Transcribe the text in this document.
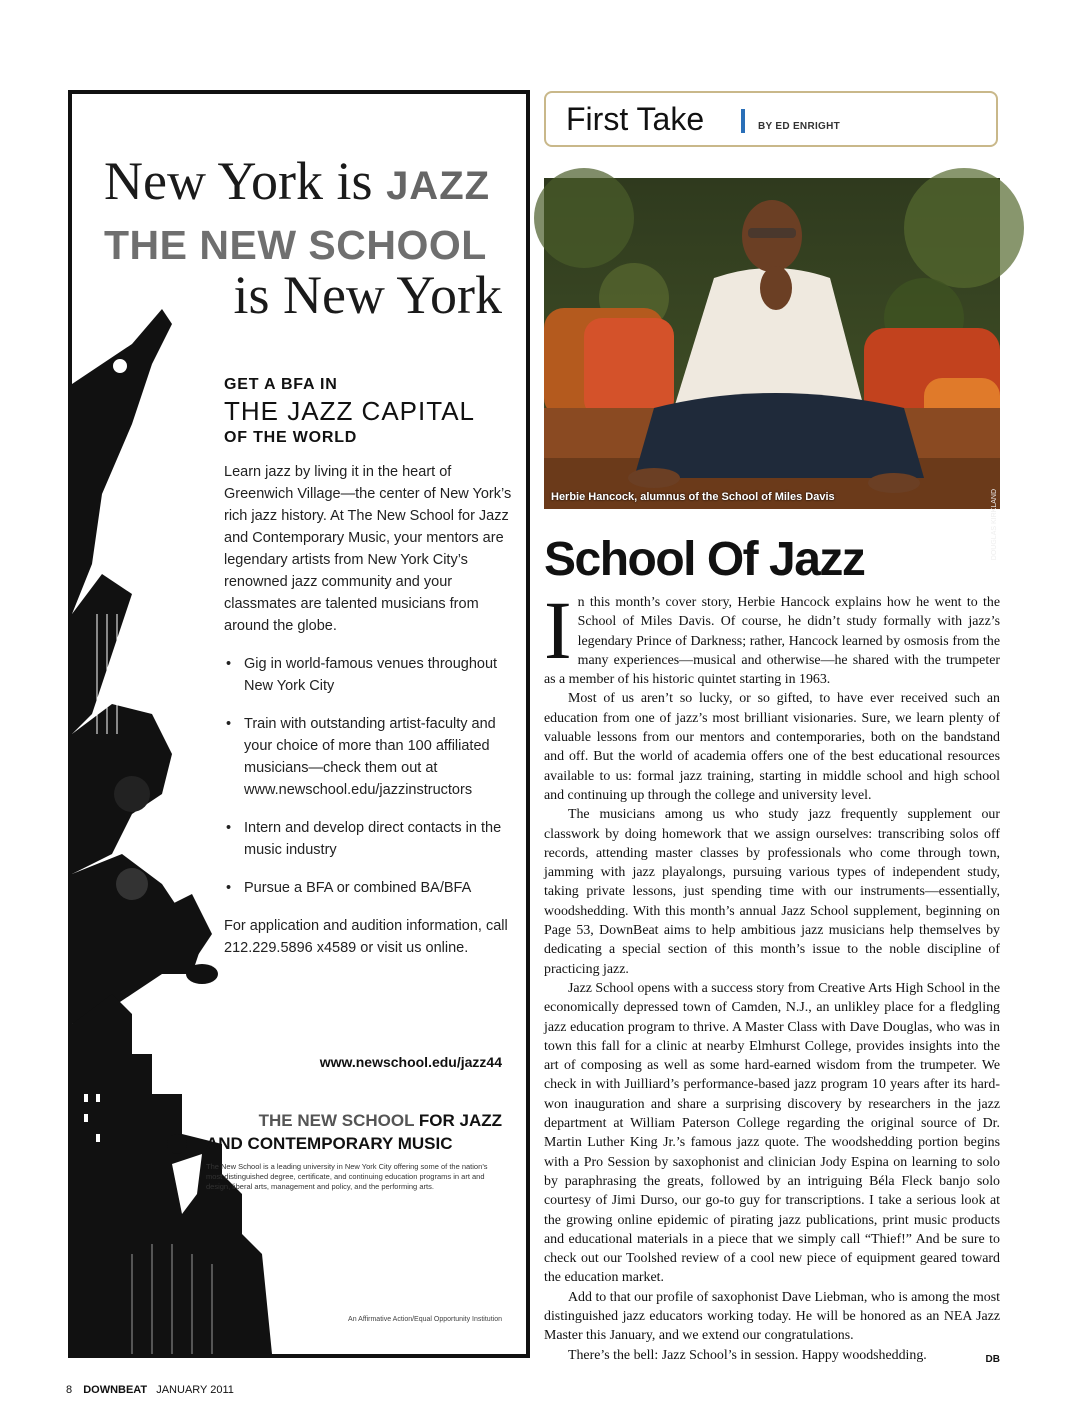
New York is JAZZ
THE NEW SCHOOL
is New York
GET A BFA IN
THE JAZZ CAPITAL
OF THE WORLD
Learn jazz by living it in the heart of Greenwich Village—the center of New York’s rich jazz history. At The New School for Jazz and Contemporary Music, your mentors are legendary artists from New York City’s renowned jazz community and your classmates are talented musicians from around the globe.
• Gig in world-famous venues throughout New York City
• Train with outstanding artist-faculty and your choice of more than 100 affiliated musicians—check them out at www.newschool.edu/jazzinstructors
• Intern and develop direct contacts in the music industry
• Pursue a BFA or combined BA/BFA
For application and audition information, call 212.229.5896 x4589 or visit us online.
www.newschool.edu/jazz44
THE NEW SCHOOL FOR JAZZ
AND CONTEMPORARY MUSIC
The New School is a leading university in New York City offering some of the nation’s most distinguished degree, certificate, and continuing education programs in art and design, liberal arts, management and policy, and the performing arts.
An Affirmative Action/Equal Opportunity Institution
First Take	BY ED ENRIGHT
Herbie Hancock, alumnus of the School of Miles Davis	DOUGLAS KIRKLAND
School Of Jazz

In this month’s cover story, Herbie Hancock explains how he went to the School of Miles Davis. Of course, he didn’t study formally with jazz’s legendary Prince of Darkness; rather, Hancock learned by osmosis from the many experiences—musical and otherwise—he shared with the trumpeter as a member of his historic quintet starting in 1963.

Most of us aren’t so lucky, or so gifted, to have ever received such an education from one of jazz’s most brilliant visionaries. Sure, we learn plenty of valuable lessons from our mentors and contemporaries, both on the bandstand and off. But the world of academia offers one of the best educational resources available to us: formal jazz training, starting in middle school and high school and continuing up through the college and university level.

The musicians among us who study jazz frequently supplement our classwork by doing homework that we assign ourselves: transcribing solos off records, attending master classes by professionals who come through town, jamming with jazz playalongs, pursuing various types of independent study, taking private lessons, just spending time with our instruments—essentially, woodshedding. With this month’s annual Jazz School supplement, beginning on Page 53, DownBeat aims to help ambitious jazz musicians help themselves by dedicating a special section of this month’s issue to the noble discipline of practicing jazz.

Jazz School opens with a success story from Creative Arts High School in the economically depressed town of Camden, N.J., an unlikley place for a fledgling jazz education program to thrive. A Master Class with Dave Douglas, who was in town this fall for a clinic at nearby Elmhurst College, provides insights into the art of composing as well as some hard-earned wisdom from the trumpeter. We check in with Juilliard’s performance-based jazz program 10 years after its hard-won inauguration and share a surprising discovery by researchers in the jazz department at William Paterson College regarding the original source of Dr. Martin Luther King Jr.’s famous jazz quote. The woodshedding portion begins with a Pro Session by saxophonist and clinician Jody Espina on learning to solo by paraphrasing the greats, followed by an intriguing Béla Fleck banjo solo courtesy of Jimi Durso, our go-to guy for transcriptions. I take a serious look at the growing online epidemic of pirating jazz publications, print music products and educational materials in a piece that we simply call “Thief!” And be sure to check out our Toolshed review of a cool new piece of equipment geared toward the education market.

Add to that our profile of saxophonist Dave Liebman, who is among the most distinguished jazz educators working today. He will be honored as an NEA Jazz Master this January, and we extend our congratulations.

There’s the bell: Jazz School’s in session. Happy woodshedding.	DB

8 DOWNBEAT JANUARY 2011
